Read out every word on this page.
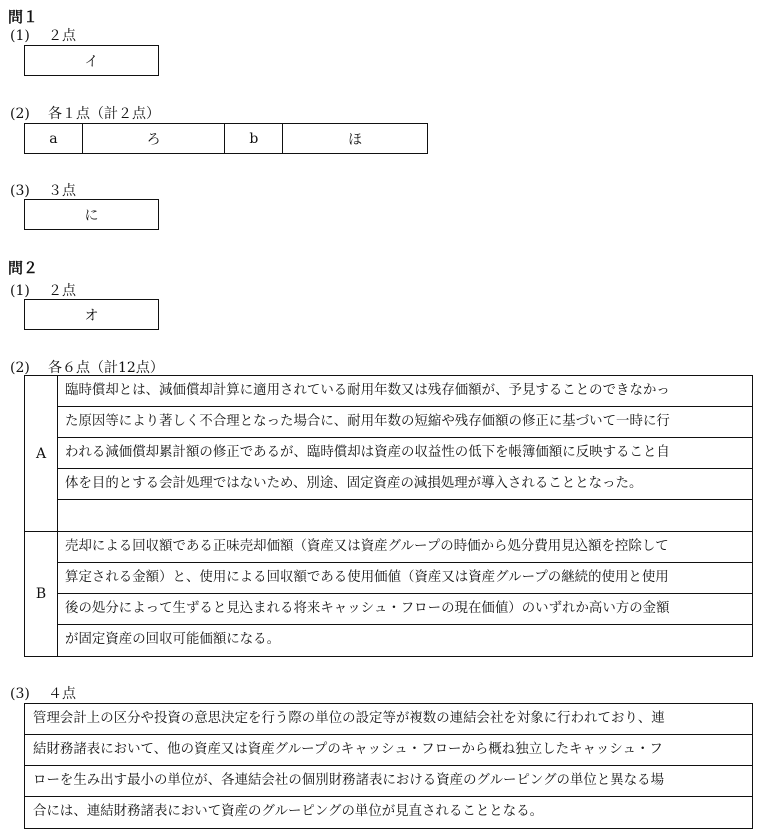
問１
(1) ２点
イ
(2) 各１点（計２点）
a	ろ	b	ほ
(3) ３点
に
問２
(1) ２点
オ
(2) 各６点（計12点）
A
臨時償却とは、減価償却計算に適用されている耐用年数又は残存価額が、予見することのできなかっ
た原因等により著しく不合理となった場合に、耐用年数の短縮や残存価額の修正に基づいて一時に行
われる減価償却累計額の修正であるが、臨時償却は資産の収益性の低下を帳簿価額に反映すること自
体を目的とする会計処理ではないため、別途、固定資産の減損処理が導入されることとなった。
B
売却による回収額である正味売却価額（資産又は資産グループの時価から処分費用見込額を控除して
算定される金額）と、使用による回収額である使用価値（資産又は資産グループの継続的使用と使用
後の処分によって生ずると見込まれる将来キャッシュ・フローの現在価値）のいずれか高い方の金額
が固定資産の回収可能価額になる。
(3) ４点
管理会計上の区分や投資の意思決定を行う際の単位の設定等が複数の連結会社を対象に行われており、連
結財務諸表において、他の資産又は資産グループのキャッシュ・フローから概ね独立したキャッシュ・フ
ローを生み出す最小の単位が、各連結会社の個別財務諸表における資産のグルーピングの単位と異なる場
合には、連結財務諸表において資産のグルーピングの単位が見直されることとなる。
